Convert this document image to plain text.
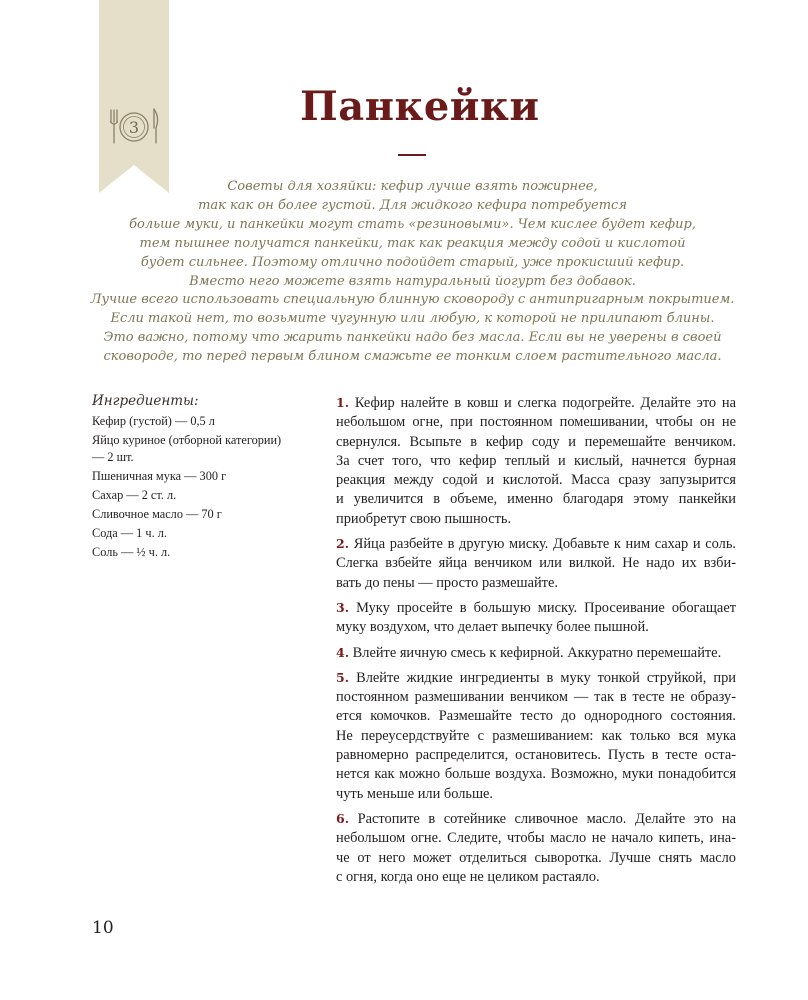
3	Панкейки
Советы для хозяйки: кефир лучше взять пожирнее,
так как он более густой. Для жидкого кефира потребуется
больше муки, и панкейки могут стать «резиновыми». Чем кислее будет кефир,
тем пышнее получатся панкейки, так как реакция между содой и кислотой
будет сильнее. Поэтому отлично подойдет старый, уже прокисший кефир.
Вместо него можете взять натуральный йогурт без добавок.
Лучше всего использовать специальную блинную сковороду с антипригарным покрытием.
Если такой нет, то возьмите чугунную или любую, к которой не прилипают блины.
Это важно, потому что жарить панкейки надо без масла. Если вы не уверены в своей
сковороде, то перед первым блином смажьте ее тонким слоем растительного масла.
Ингредиенты:
Кефир (густой) — 0,5 л
Яйцо куриное (отборной категории) — 2 шт.
Пшеничная мука — 300 г
Сахар — 2 ст. л.
Сливочное масло — 70 г
Сода — 1 ч. л.
Соль — ½ ч. л.
1. Кефир налейте в ковш и слегка подогрейте. Делайте это на
небольшом огне, при постоянном помешивании, чтобы он не
свернулся. Всыпьте в кефир соду и перемешайте венчиком.
За счет того, что кефир теплый и кислый, начнется бурная
реакция между содой и кислотой. Масса сразу запузырится
и увеличится в объеме, именно благодаря этому панкейки
приобретут свою пышность.
2. Яйца разбейте в другую миску. Добавьте к ним сахар и соль.
Слегка взбейте яйца венчиком или вилкой. Не надо их взби-
вать до пены — просто размешайте.
3. Муку просейте в большую миску. Просеивание обогащает
муку воздухом, что делает выпечку более пышной.
4. Влейте яичную смесь к кефирной. Аккуратно перемешайте.
5. Влейте жидкие ингредиенты в муку тонкой струйкой, при
постоянном размешивании венчиком — так в тесте не образу-
ется комочков. Размешайте тесто до однородного состояния.
Не переусердствуйте с размешиванием: как только вся мука
равномерно распределится, остановитесь. Пусть в тесте оста-
нется как можно больше воздуха. Возможно, муки понадобится
чуть меньше или больше.
6. Растопите в сотейнике сливочное масло. Делайте это на
небольшом огне. Следите, чтобы масло не начало кипеть, ина-
че от него может отделиться сыворотка. Лучше снять масло
с огня, когда оно еще не целиком растаяло.
10
